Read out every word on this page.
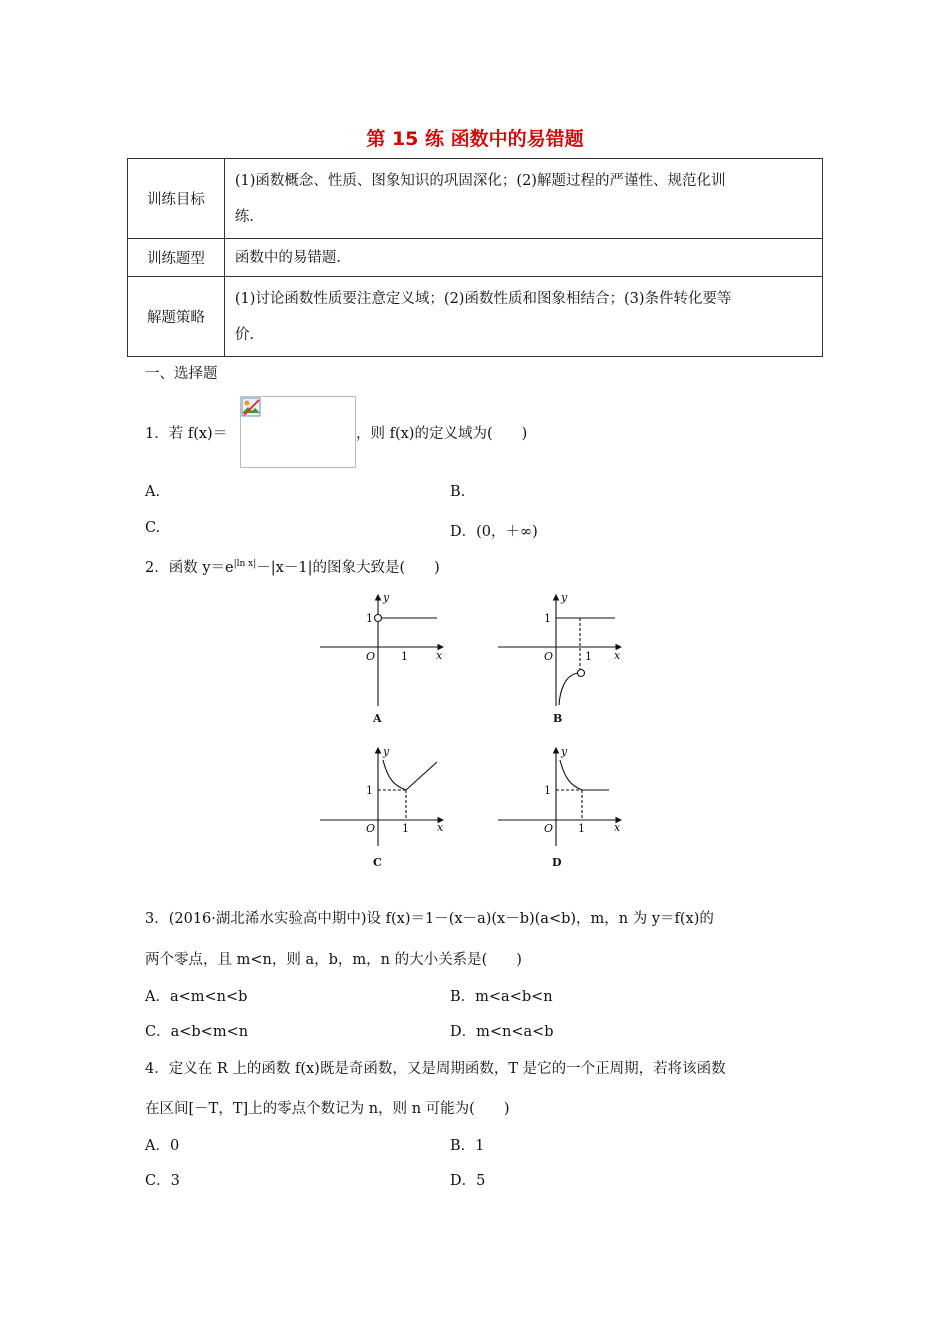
第 15 练 函数中的易错题
训练目标	(1)函数概念、性质、图象知识的巩固深化；(2)解题过程的严谨性、规范化训
练.

训练题型	函数中的易错题.
解题策略	(1)讨论函数性质要注意定义域；(2)函数性质和图象相结合；(3)条件转化要等
价.
一、选择题
1．若 f(x)＝	，则 f(x)的定义域为(　　)
A.	B.
C.	D．(0，＋∞)
2．函数 $y=e^{|ln x|}-|x-1|$的图象大致是(　　)
y
1
O 1	x
A
y
1
O	1 x
B
y
1
O 1	x
C
y
1
O 1	x
D
3．(2016·湖北浠水实验高中期中)设 f(x)＝1－(x－a)(x－b)(a<b)，m，n 为 y＝f(x)的
两个零点，且 m<n，则 a，b，m，n 的大小关系是(　　)
A．a<m<n<b	B．m<a<b<n
C．a<b<m<n	D．m<n<a<b
4．定义在 R 上的函数 f(x)既是奇函数，又是周期函数，T 是它的一个正周期，若将该函数
在区间[－T，T]上的零点个数记为 n，则 n 可能为(　　)
A．0	B．1
C．3	D．5
